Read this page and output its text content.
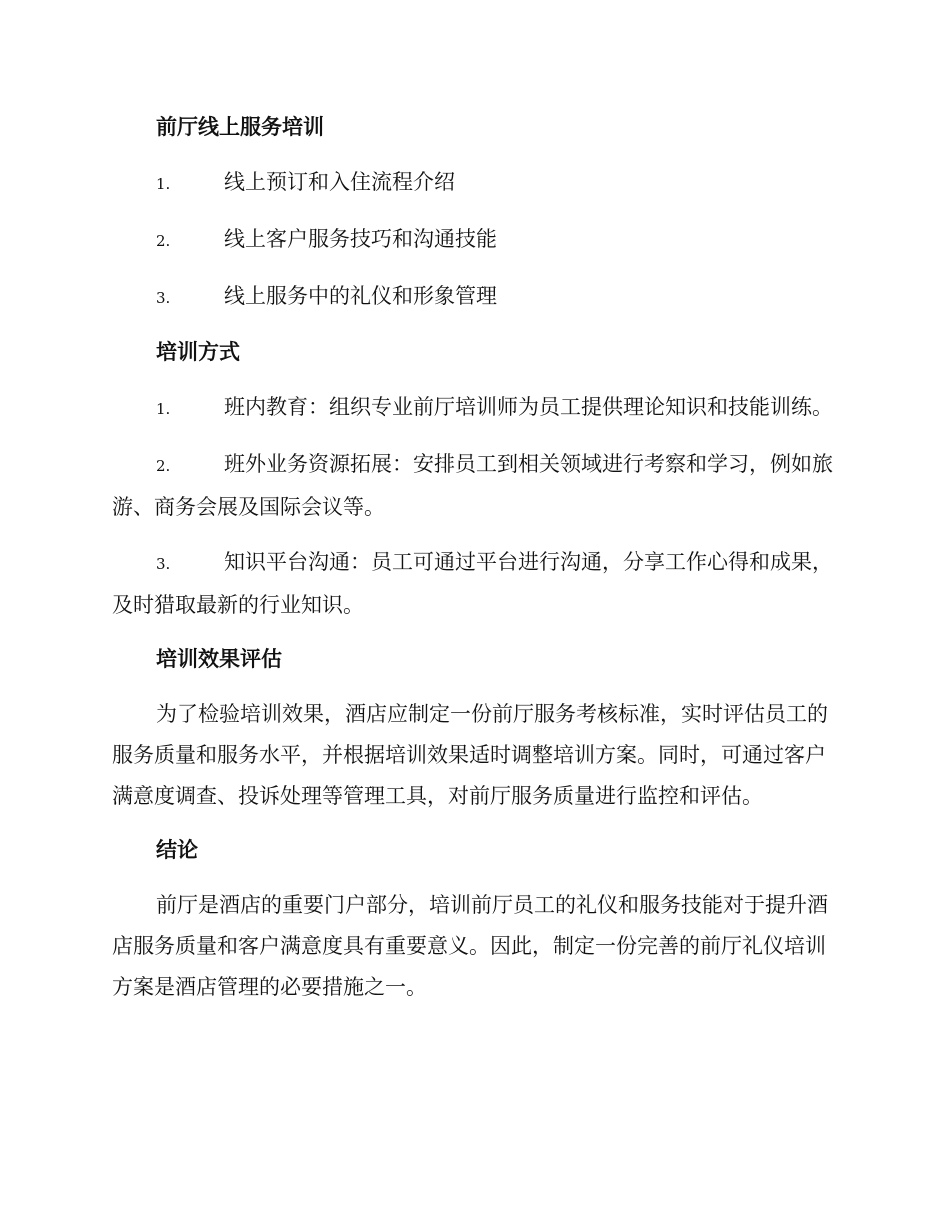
前厅线上服务培训
1.	线上预订和入住流程介绍
2.	线上客户服务技巧和沟通技能
3.	线上服务中的礼仪和形象管理
培训方式
1.	班内教育：组织专业前厅培训师为员工提供理论知识和技能训练。
2.	班外业务资源拓展：安排员工到相关领域进行考察和学习，例如旅游、商务会展及国际会议等。
3.	知识平台沟通：员工可通过平台进行沟通，分享工作心得和成果，及时猎取最新的行业知识。
培训效果评估
为了检验培训效果，酒店应制定一份前厅服务考核标准，实时评估员工的服务质量和服务水平，并根据培训效果适时调整培训方案。同时，可通过客户满意度调查、投诉处理等管理工具，对前厅服务质量进行监控和评估。
结论
前厅是酒店的重要门户部分，培训前厅员工的礼仪和服务技能对于提升酒店服务质量和客户满意度具有重要意义。因此，制定一份完善的前厅礼仪培训方案是酒店管理的必要措施之一。
